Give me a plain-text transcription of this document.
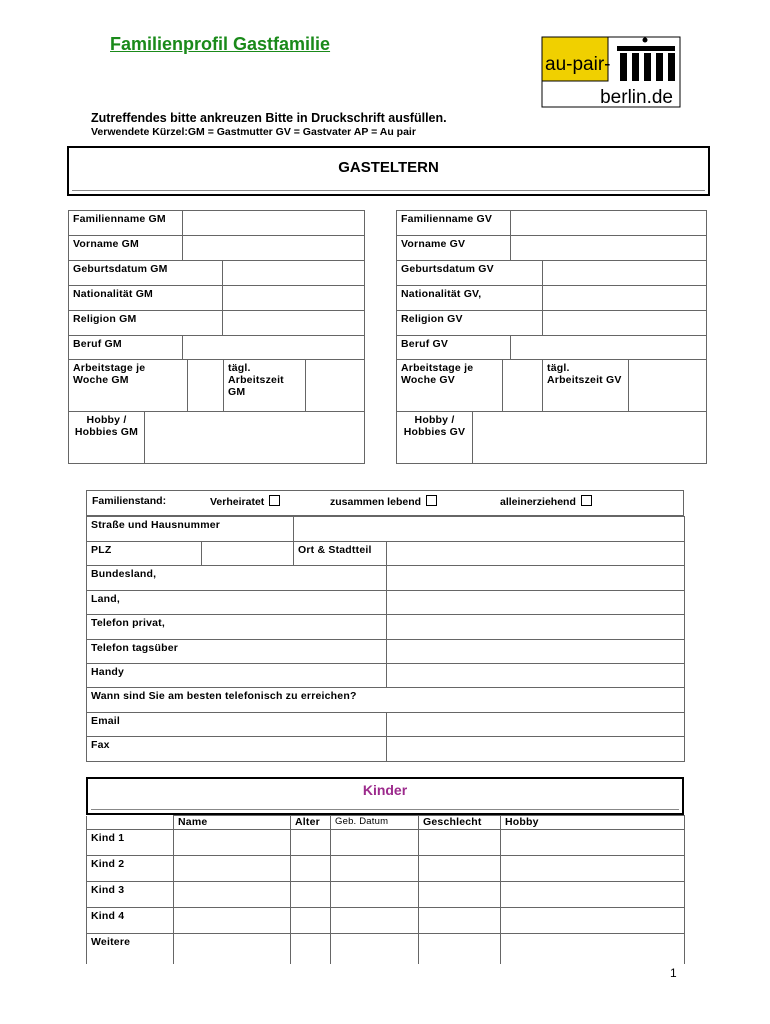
Familienprofil Gastfamilie
au-pair-
berlin.de
Zutreffendes bitte ankreuzen Bitte in Druckschrift ausfüllen.
Verwendete Kürzel:GM = Gastmutter GV = Gastvater AP = Au pair
GASTELTERN
Familienname GM		
Vorname GM		
Geburtsdatum GM		
Nationalität GM		
Religion GM		
Beruf GM		
Arbeitstage je Woche GM		tägl. Arbeitszeit GM	
Hobby / Hobbies GM	
Familienname GV		
Vorname GV		
Geburtsdatum GV		
Nationalität GV,		
Religion GV		
Beruf GV		
Arbeitstage je Woche GV		tägl. Arbeitszeit GV	
Hobby / Hobbies GV	
Familienstand:	Verheiratet	zusammen lebend	alleinerziehend
Straße und Hausnummer			
PLZ		Ort & Stadtteil	
Bundesland,	
Land,	
Telefon privat,	
Telefon tagsüber	
Handy	
Wann sind Sie am besten telefonisch zu erreichen?	
Email	
Fax	
Kinder
	Name	Alter	Geb. Datum	Geschlecht	Hobby
Kind 1					
Kind 2					
Kind 3					
Kind 4					
Weitere					
1
